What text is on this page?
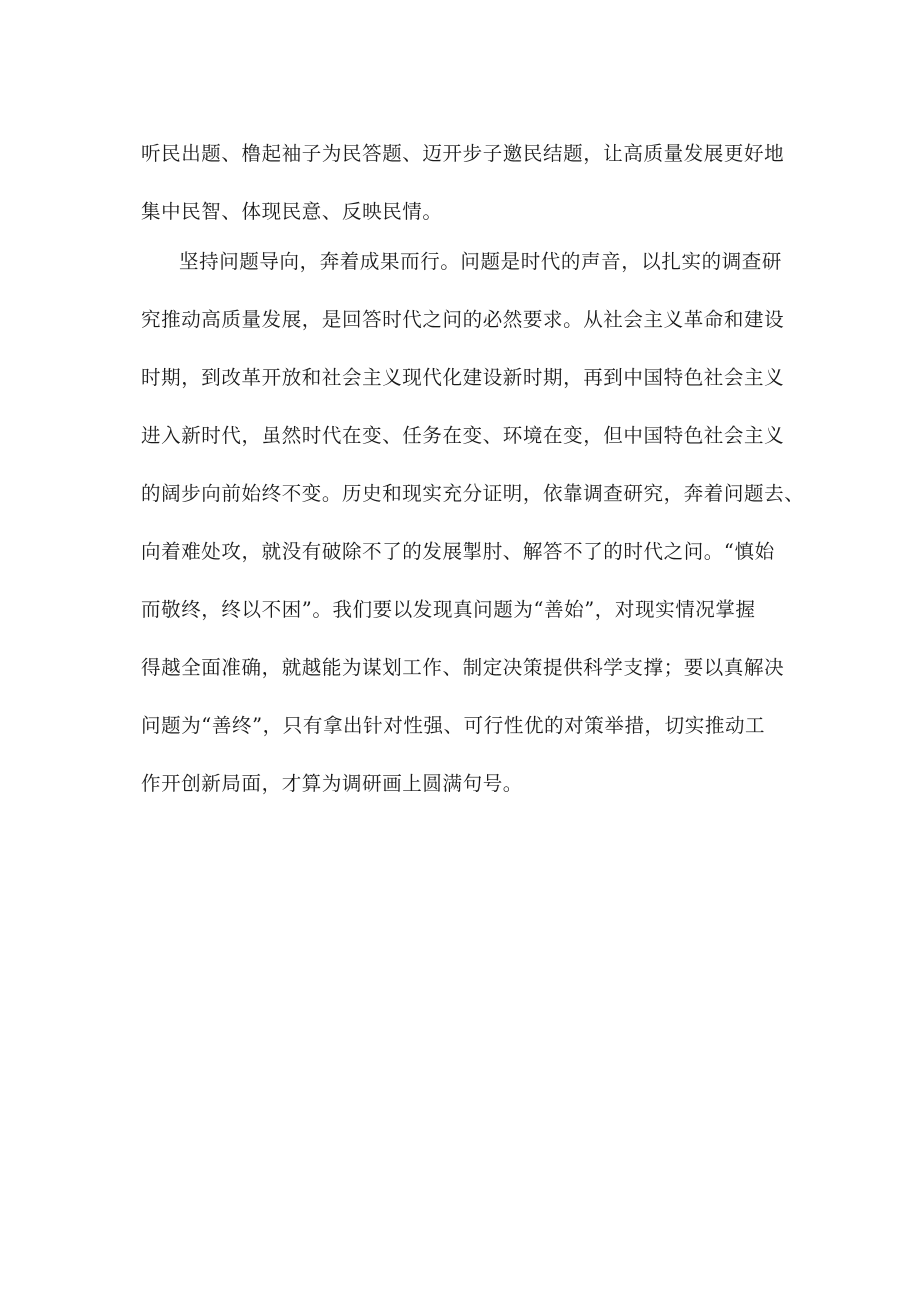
听民出题、橹起袖子为民答题、迈开步子邀民结题，让高质量发展更好地
集中民智、体现民意、反映民情。
坚持问题导向，奔着成果而行。问题是时代的声音，以扎实的调查研
究推动高质量发展，是回答时代之问的必然要求。从社会主义革命和建设
时期，到改革开放和社会主义现代化建设新时期，再到中国特色社会主义
进入新时代，虽然时代在变、任务在变、环境在变，但中国特色社会主义
的阔步向前始终不变。历史和现实充分证明，依靠调查研究，奔着问题去、
向着难处攻，就没有破除不了的发展掣肘、解答不了的时代之问。“慎始
而敬终，终以不困”。我们要以发现真问题为“善始”，对现实情况掌握
得越全面准确，就越能为谋划工作、制定决策提供科学支撑；要以真解决
问题为“善终”，只有拿出针对性强、可行性优的对策举措，切实推动工
作开创新局面，才算为调研画上圆满句号。
